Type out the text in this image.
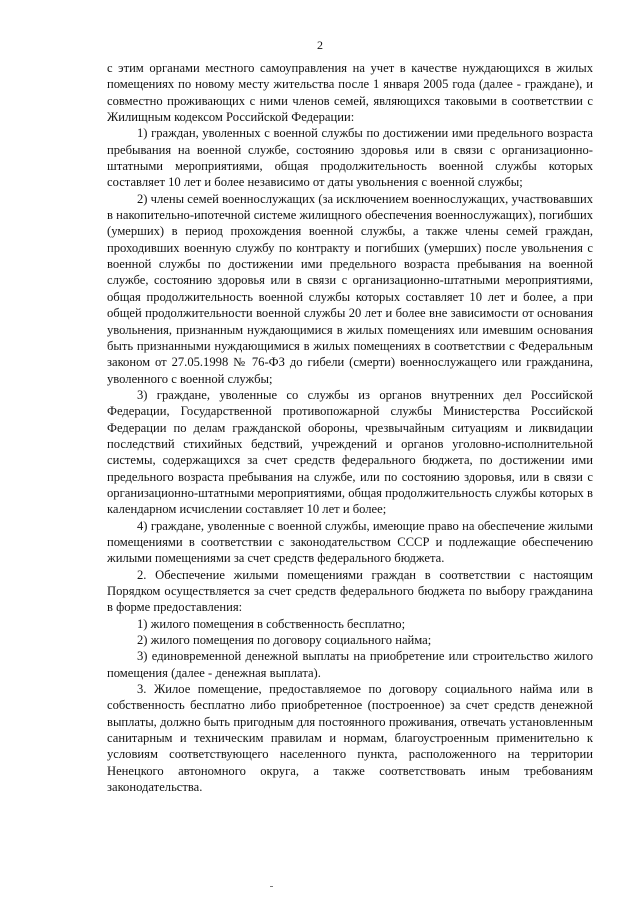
2

с этим органами местного самоуправления на учет в качестве нуждающихся в жилых помещениях по новому месту жительства после 1 января 2005 года (далее - граждане), и совместно проживающих с ними членов семей, являющихся таковыми в соответствии с Жилищным кодексом Российской Федерации:

1) граждан, уволенных с военной службы по достижении ими предельного возраста пребывания на военной службе, состоянию здоровья или в связи с организационно-штатными мероприятиями, общая продолжительность военной службы которых составляет 10 лет и более независимо от даты увольнения с военной службы;

2) члены семей военнослужащих (за исключением военнослужащих, участвовавших в накопительно-ипотечной системе жилищного обеспечения военнослужащих), погибших (умерших) в период прохождения военной службы, а также члены семей граждан, проходивших военную службу по контракту и погибших (умерших) после увольнения с военной службы по достижении ими предельного возраста пребывания на военной службе, состоянию здоровья или в связи с организационно-штатными мероприятиями, общая продолжительность военной службы которых составляет 10 лет и более, а при общей продолжительности военной службы 20 лет и более вне зависимости от основания увольнения, признанным нуждающимися в жилых помещениях или имевшим основания быть признанными нуждающимися в жилых помещениях в соответствии с Федеральным законом от 27.05.1998 № 76-ФЗ до гибели (смерти) военнослужащего или гражданина, уволенного с военной службы;

3) граждане, уволенные со службы из органов внутренних дел Российской Федерации, Государственной противопожарной службы Министерства Российской Федерации по делам гражданской обороны, чрезвычайным ситуациям и ликвидации последствий стихийных бедствий, учреждений и органов уголовно-исполнительной системы, содержащихся за счет средств федерального бюджета, по достижении ими предельного возраста пребывания на службе, или по состоянию здоровья, или в связи с организационно-штатными мероприятиями, общая продолжительность службы которых в календарном исчислении составляет 10 лет и более;

4) граждане, уволенные с военной службы, имеющие право на обеспечение жилыми помещениями в соответствии с законодательством СССР и подлежащие обеспечению жилыми помещениями за счет средств федерального бюджета.

2. Обеспечение жилыми помещениями граждан в соответствии с настоящим Порядком осуществляется за счет средств федерального бюджета по выбору гражданина в форме предоставления:

1) жилого помещения в собственность бесплатно;

2) жилого помещения по договору социального найма;

3) единовременной денежной выплаты на приобретение или строительство жилого помещения (далее - денежная выплата).

3. Жилое помещение, предоставляемое по договору социального найма или в собственность бесплатно либо приобретенное (построенное) за счет средств денежной выплаты, должно быть пригодным для постоянного проживания, отвечать установленным санитарным и техническим правилам и нормам, благоустроенным применительно к условиям соответствующего населенного пункта, расположенного на территории Ненецкого автономного округа, а также соответствовать иным требованиям законодательства.
